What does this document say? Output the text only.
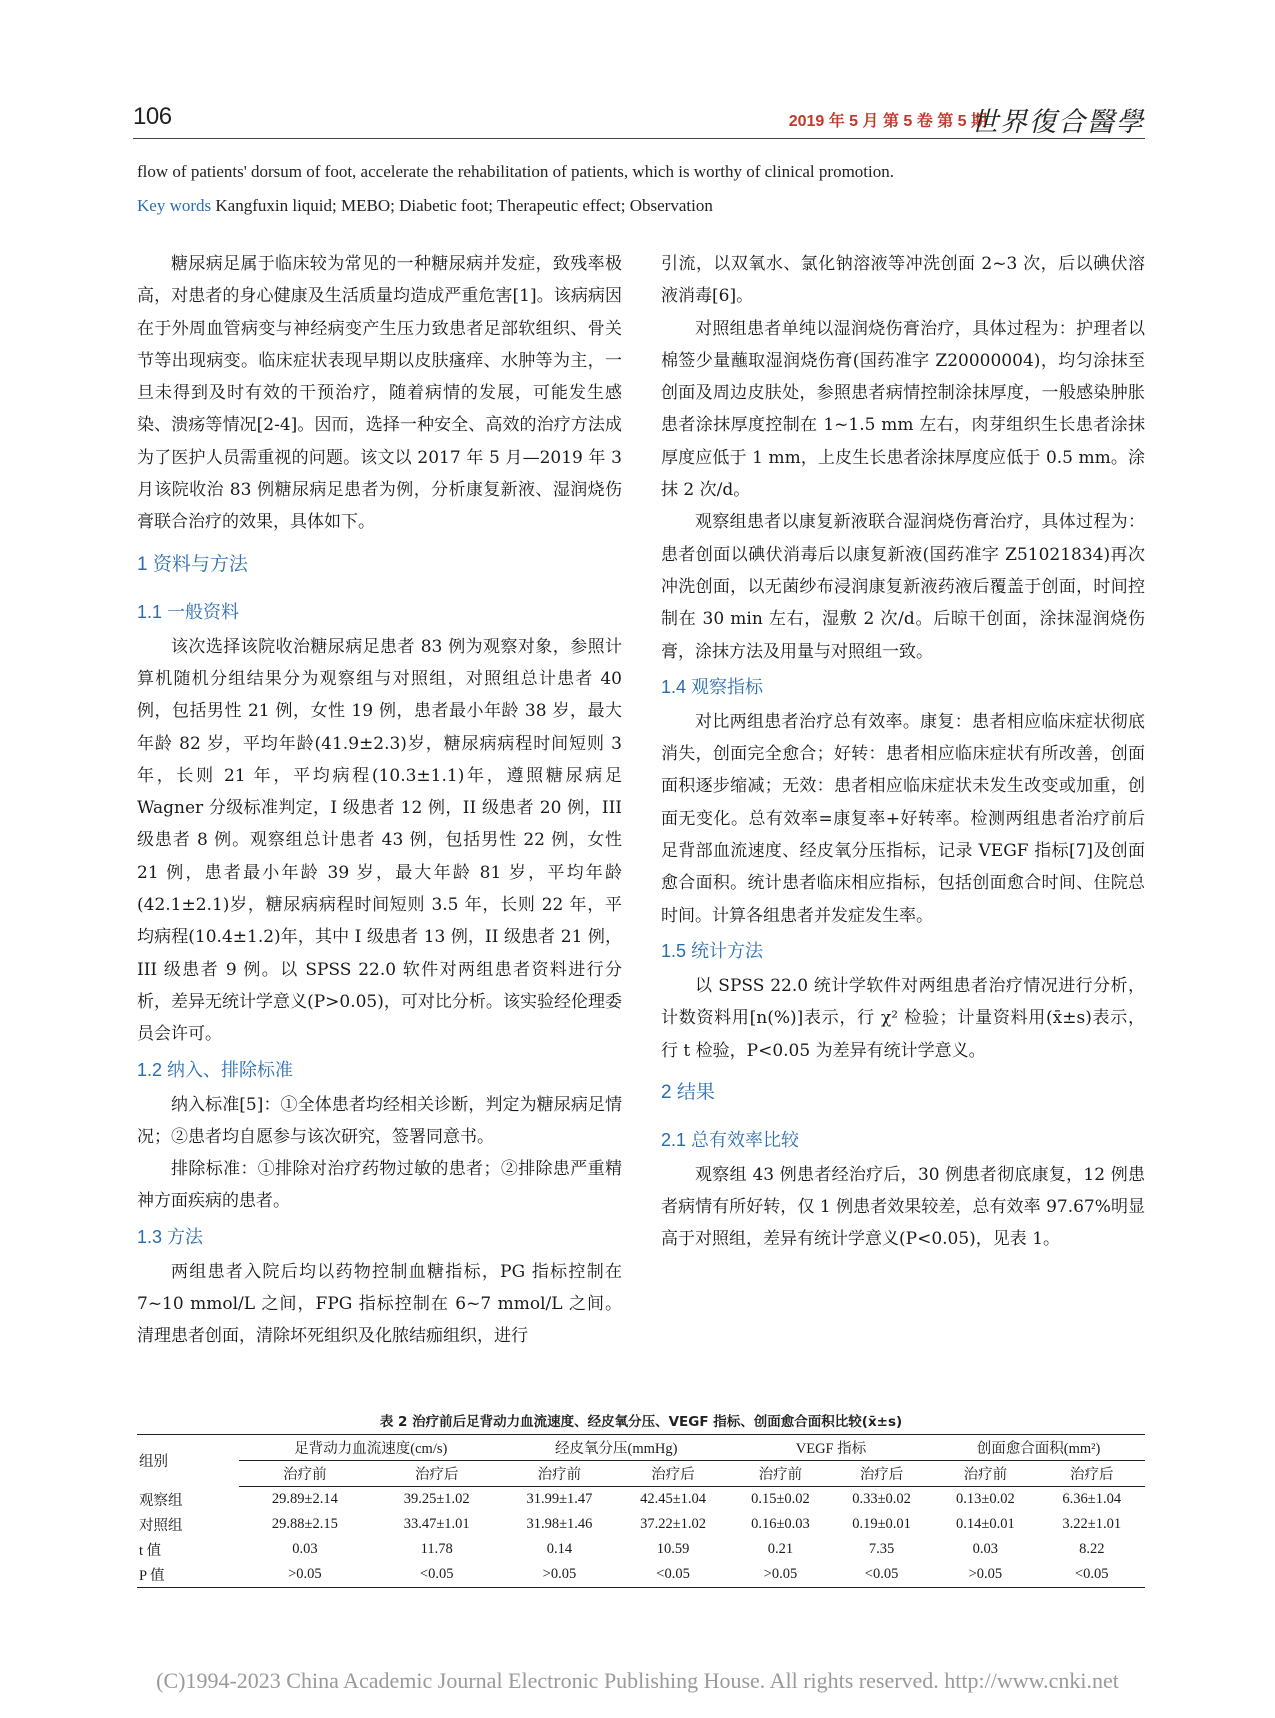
106	2019 年 5 月 第 5 卷 第 5 期
世界復合醫學
flow of patients' dorsum of foot, accelerate the rehabilitation of patients, which is worthy of clinical promotion.
Key words Kangfuxin liquid; MEBO; Diabetic foot; Therapeutic effect; Observation

糖尿病足属于临床较为常见的一种糖尿病并发症，致残率极高，对患者的身心健康及生活质量均造成严重危害[1]。该病病因在于外周血管病变与神经病变产生压力致患者足部软组织、骨关节等出现病变。临床症状表现早期以皮肤瘙痒、水肿等为主，一旦未得到及时有效的干预治疗，随着病情的发展，可能发生感染、溃疡等情况[2-4]。因而，选择一种安全、高效的治疗方法成为了医护人员需重视的问题。该文以 2017 年 5 月—2019 年 3 月该院收治 83 例糖尿病足患者为例，分析康复新液、湿润烧伤膏联合治疗的效果，具体如下。

1 资料与方法
1.1 一般资料

该次选择该院收治糖尿病足患者 83 例为观察对象，参照计算机随机分组结果分为观察组与对照组，对照组总计患者 40 例，包括男性 21 例，女性 19 例，患者最小年龄 38 岁，最大年龄 82 岁，平均年龄(41.9±2.3)岁，糖尿病病程时间短则 3 年，长则 21 年，平均病程(10.3±1.1)年，遵照糖尿病足 Wagner 分级标准判定，I 级患者 12 例，II 级患者 20 例，III 级患者 8 例。观察组总计患者 43 例，包括男性 22 例，女性 21 例，患者最小年龄 39 岁，最大年龄 81 岁，平均年龄(42.1±2.1)岁，糖尿病病程时间短则 3.5 年，长则 22 年，平均病程(10.4±1.2)年，其中 I 级患者 13 例，II 级患者 21 例，III 级患者 9 例。以 SPSS 22.0 软件对两组患者资料进行分析，差异无统计学意义(P>0.05)，可对比分析。该实验经伦理委员会许可。

1.2 纳入、排除标准

纳入标准[5]：①全体患者均经相关诊断，判定为糖尿病足情况；②患者均自愿参与该次研究，签署同意书。

排除标准：①排除对治疗药物过敏的患者；②排除患严重精神方面疾病的患者。

1.3 方法

两组患者入院后均以药物控制血糖指标，PG 指标控制在 7~10 mmol/L 之间，FPG 指标控制在 6~7 mmol/L 之间。清理患者创面，清除坏死组织及化脓结痂组织，进行

引流，以双氧水、氯化钠溶液等冲洗创面 2~3 次，后以碘伏溶液消毒[6]。

对照组患者单纯以湿润烧伤膏治疗，具体过程为：护理者以棉签少量蘸取湿润烧伤膏(国药准字 Z20000004)，均匀涂抹至创面及周边皮肤处，参照患者病情控制涂抹厚度，一般感染肿胀患者涂抹厚度控制在 1~1.5 mm 左右，肉芽组织生长患者涂抹厚度应低于 1 mm，上皮生长患者涂抹厚度应低于 0.5 mm。涂抹 2 次/d。

观察组患者以康复新液联合湿润烧伤膏治疗，具体过程为：患者创面以碘伏消毒后以康复新液(国药准字 Z51021834)再次冲洗创面，以无菌纱布浸润康复新液药液后覆盖于创面，时间控制在 30 min 左右，湿敷 2 次/d。后晾干创面，涂抹湿润烧伤膏，涂抹方法及用量与对照组一致。

1.4 观察指标

对比两组患者治疗总有效率。康复：患者相应临床症状彻底消失，创面完全愈合；好转：患者相应临床症状有所改善，创面面积逐步缩减；无效：患者相应临床症状未发生改变或加重，创面无变化。总有效率=康复率+好转率。检测两组患者治疗前后足背部血流速度、经皮氧分压指标，记录 VEGF 指标[7]及创面愈合面积。统计患者临床相应指标，包括创面愈合时间、住院总时间。计算各组患者并发症发生率。

1.5 统计方法

以 SPSS 22.0 统计学软件对两组患者治疗情况进行分析，计数资料用[n(%)]表示，行 χ² 检验；计量资料用(x̄±s)表示，行 t 检验，P<0.05 为差异有统计学意义。

2 结果
2.1 总有效率比较

观察组 43 例患者经治疗后，30 例患者彻底康复，12 例患者病情有所好转，仅 1 例患者效果较差，总有效率 97.67%明显高于对照组，差异有统计学意义(P<0.05)，见表 1。

表 2 治疗前后足背动力血流速度、经皮氧分压、VEGF 指标、创面愈合面积比较(x̄±s)
组别	足背动力血流速度(cm/s)		经皮氧分压(mmHg)		VEGF 指标		创面愈合面积(mm²)	
	治疗前	治疗后	治疗前	治疗后	治疗前	治疗后	治疗前	治疗后
观察组	29.89±2.14	39.25±1.02	31.99±1.47	42.45±1.04	0.15±0.02	0.33±0.02	0.13±0.02	6.36±1.04
对照组	29.88±2.15	33.47±1.01	31.98±1.46	37.22±1.02	0.16±0.03	0.19±0.01	0.14±0.01	3.22±1.01
t 值	0.03	11.78	0.14	10.59	0.21	7.35	0.03	8.22
P 值	>0.05	<0.05	>0.05	<0.05	>0.05	<0.05	>0.05	<0.05
(C)1994-2023 China Academic Journal Electronic Publishing House. All rights reserved. http://www.cnki.net
